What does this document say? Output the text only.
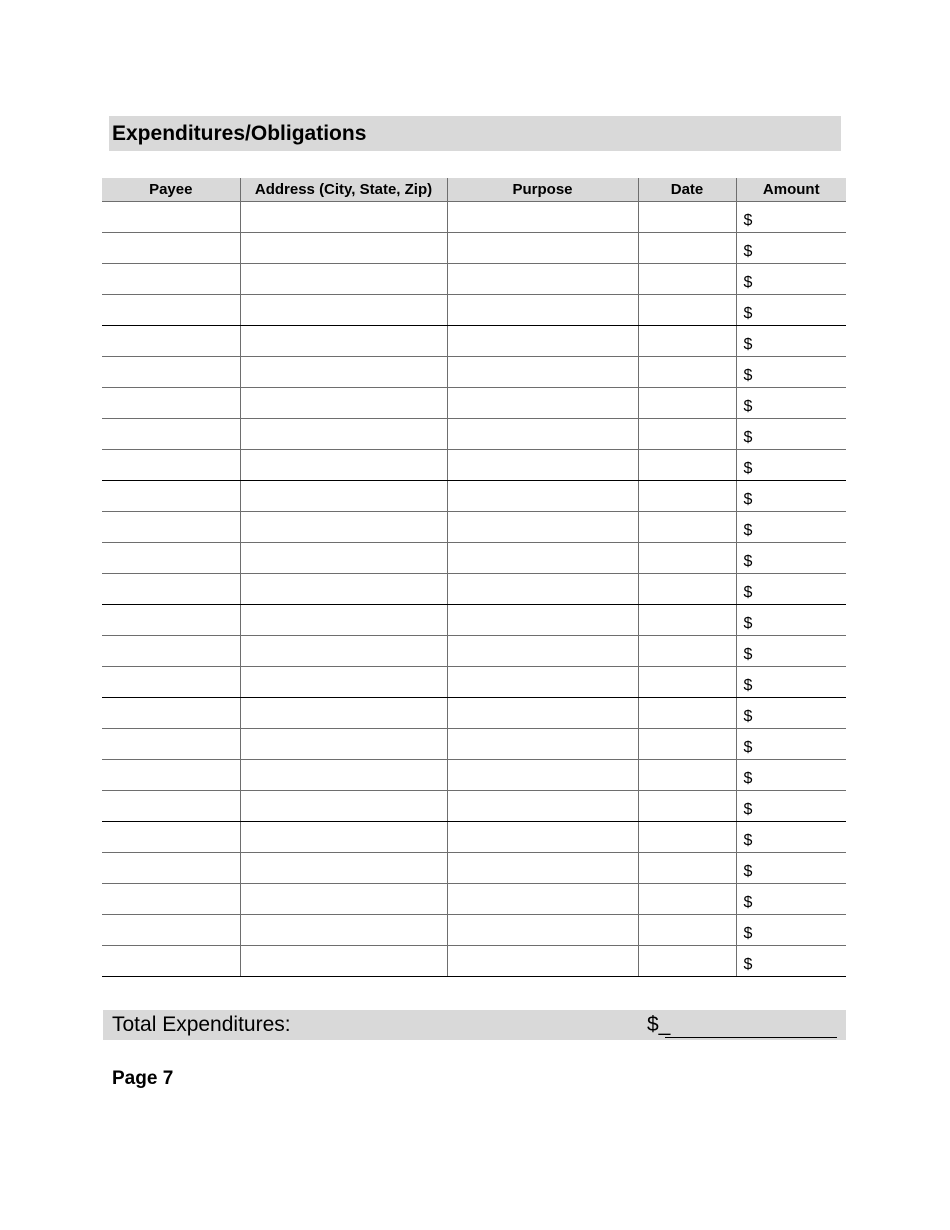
Expenditures/Obligations
Payee	Address (City, State, Zip)	Purpose	Date	Amount
				$
				$
				$
				$
				$
				$
				$
				$
				$
				$
				$
				$
				$
				$
				$
				$
				$
				$
				$
				$
				$
				$
				$
				$
				$
Total Expenditures:	$_
Page 7
